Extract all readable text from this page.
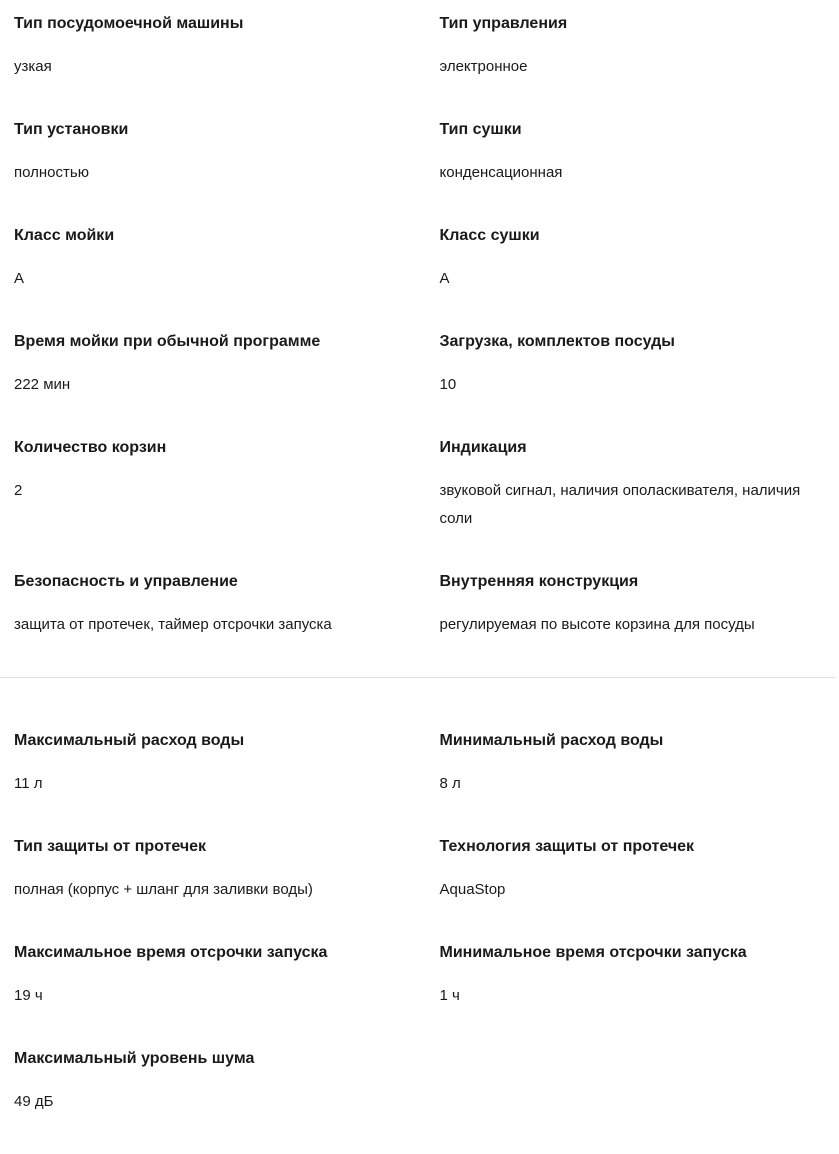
Тип посудомоечной машины
узкая
Тип управления
электронное
Тип установки
полностью
Тип сушки
конденсационная
Класс мойки
А
Класс сушки
А
Время мойки при обычной программе
222 мин
Загрузка, комплектов посуды
10
Количество корзин
2
Индикация
звуковой сигнал, наличия ополаскивателя, наличия соли
Безопасность и управление
защита от протечек, таймер отсрочки запуска
Внутренняя конструкция
регулируемая по высоте корзина для посуды
Максимальный расход воды
11 л
Минимальный расход воды
8 л
Тип защиты от протечек
полная (корпус + шланг для заливки воды)
Технология защиты от протечек
AquaStop
Максимальное время отсрочки запуска
19 ч
Минимальное время отсрочки запуска
1 ч
Максимальный уровень шума
49 дБ
